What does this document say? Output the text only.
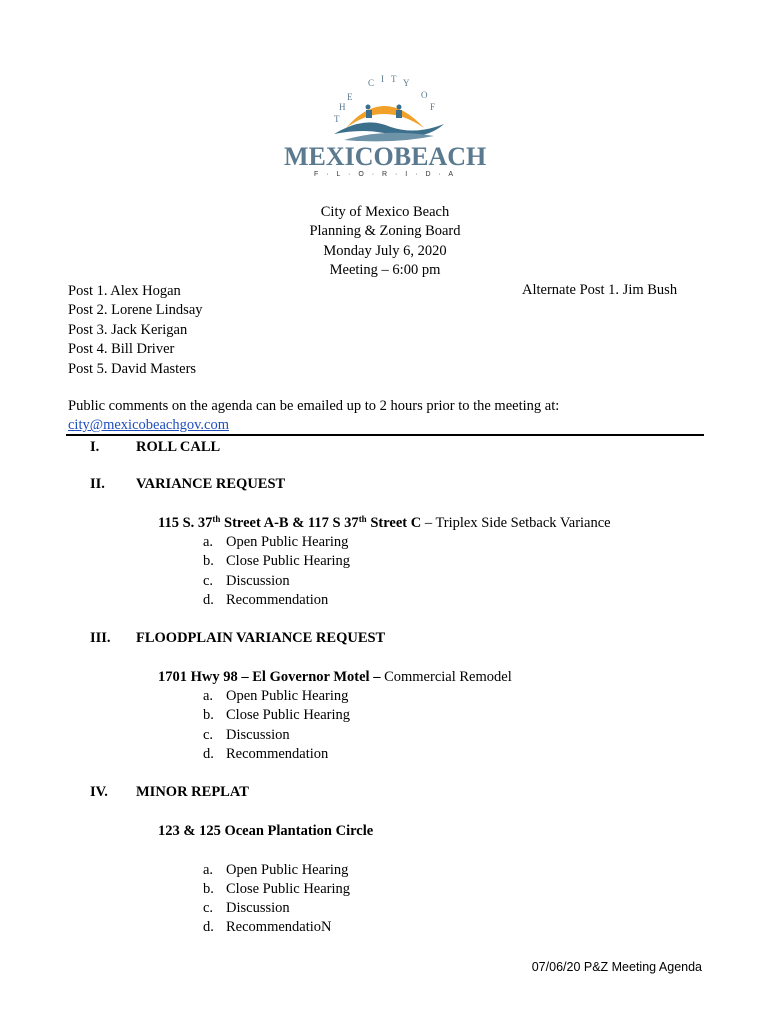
T
H
E
C I T Y
O
F
MEXICOBEACH
F · L · O · R · I · D · A
City of Mexico Beach
Planning & Zoning Board
Monday July 6, 2020
Meeting – 6:00 pm
Post 1. Alex Hogan
Post 2. Lorene Lindsay
Post 3. Jack Kerigan
Post 4. Bill Driver
Post 5. David Masters
Alternate Post 1. Jim Bush
Public comments on the agenda can be emailed up to 2 hours prior to the meeting at:
city@mexicobeachgov.com
I.	ROLL CALL
II. VARIANCE REQUEST
115 S. 37th Street A-B & 117 S 37th Street C – Triplex Side Setback Variance
a. Open Public Hearing
b. Close Public Hearing
c. Discussion
d. Recommendation
III. FLOODPLAIN VARIANCE REQUEST
1701 Hwy 98 – El Governor Motel – Commercial Remodel
a. Open Public Hearing
b. Close Public Hearing
c. Discussion
d. Recommendation
IV. MINOR REPLAT
123 & 125 Ocean Plantation Circle
a. Open Public Hearing
b. Close Public Hearing
c. Discussion
d. RecommendatioN
07/06/20 P&Z Meeting Agenda
